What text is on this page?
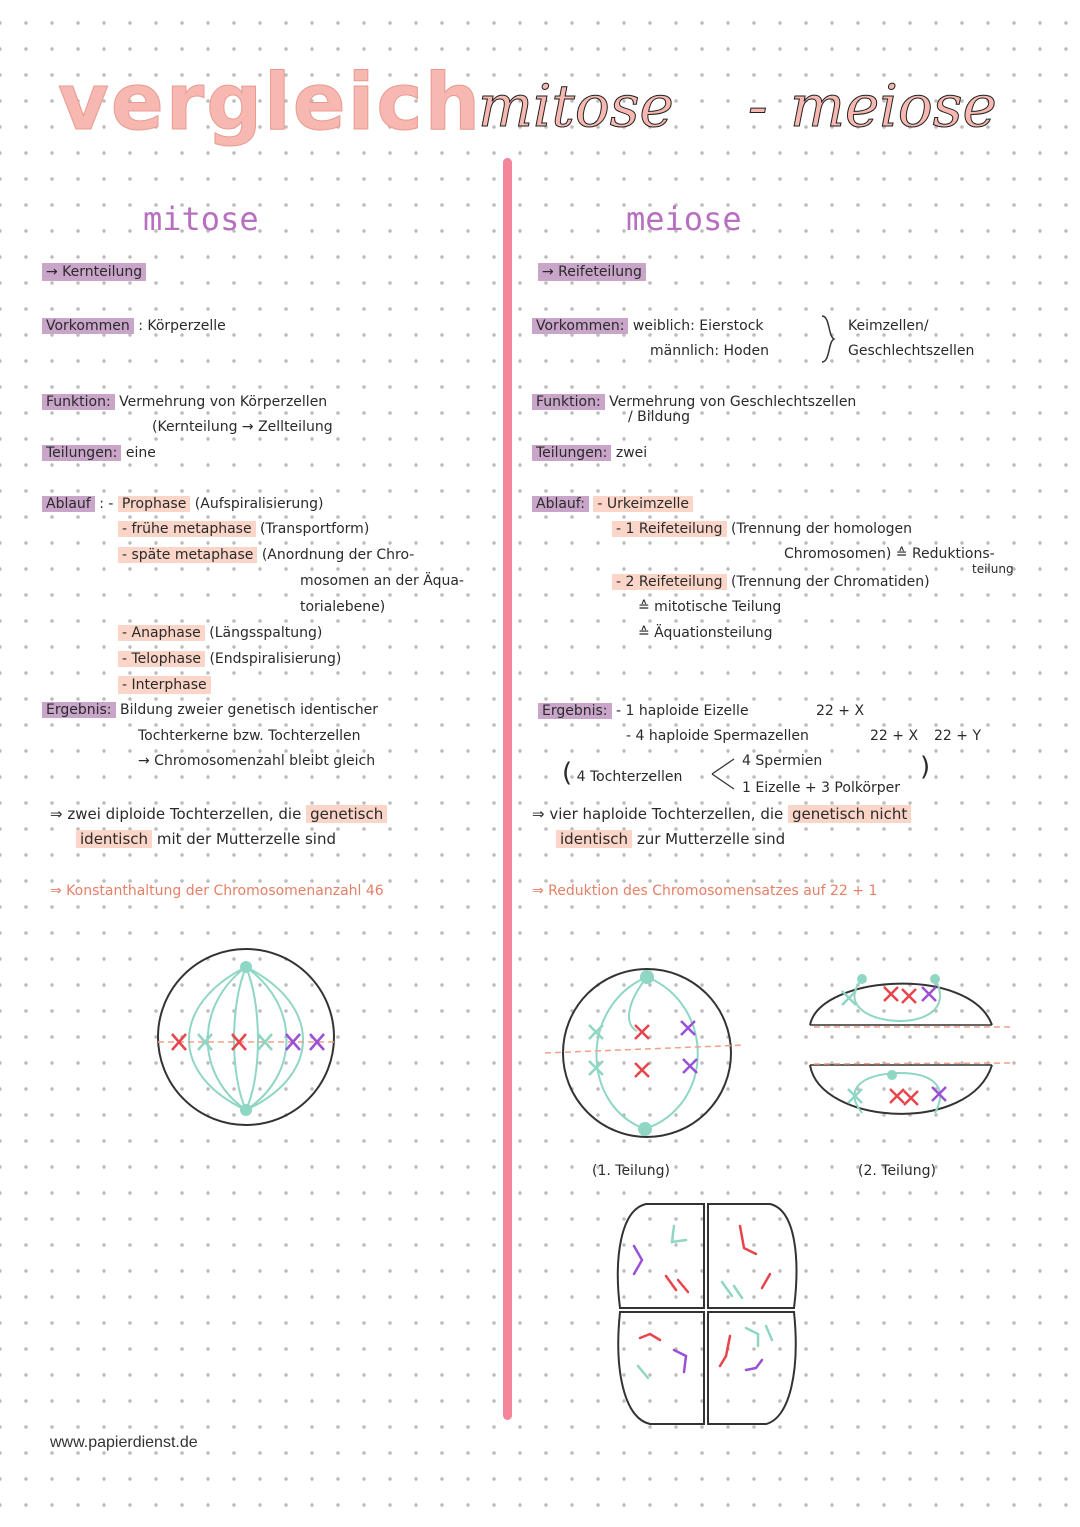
vergleich
mitose - meiose
mitose
→ Kernteilung
Vorkommen : Körperzelle
Funktion: Vermehrung von Körperzellen
(Kernteilung → Zellteilung
Teilungen: eine
Ablauf : - Prophase (Aufspiralisierung)
- frühe metaphase (Transportform)
- späte metaphase (Anordnung der Chro-
mosomen an der Äqua-
torialebene)
- Anaphase (Längsspaltung)
- Telophase (Endspiralisierung)
- Interphase
Ergebnis: Bildung zweier genetisch identischer
Tochterkerne bzw. Tochterzellen
→ Chromosomenzahl bleibt gleich
⇒ zwei diploide Tochterzellen, die genetisch
identisch mit der Mutterzelle sind
⇒ Konstanthaltung der Chromosomenanzahl 46
meiose
→ Reifeteilung
Vorkommen: weiblich: Eierstock
männlich: Hoden
Keimzellen/
Geschlechtszellen
Funktion: Vermehrung von Geschlechtszellen
/ Bildung
Teilungen: zwei
Ablauf: - Urkeimzelle
- 1 Reifeteilung (Trennung der homologen
Chromosomen) ≙ Reduktions-
teilung
- 2 Reifeteilung (Trennung der Chromatiden)
≙ mitotische Teilung
≙ Äquationsteilung
Ergebnis: - 1 haploide Eizelle	22 + X
- 4 haploide Spermazellen	22 + X 22 + Y
( 4 Tochterzellen
4 Spermien
1 Eizelle + 3 Polkörper
)
⇒ vier haploide Tochterzellen, die genetisch nicht
identisch zur Mutterzelle sind
⇒ Reduktion des Chromosomensatzes auf 22 + 1
(1. Teilung)	(2. Teilung)
www.papierdienst.de
